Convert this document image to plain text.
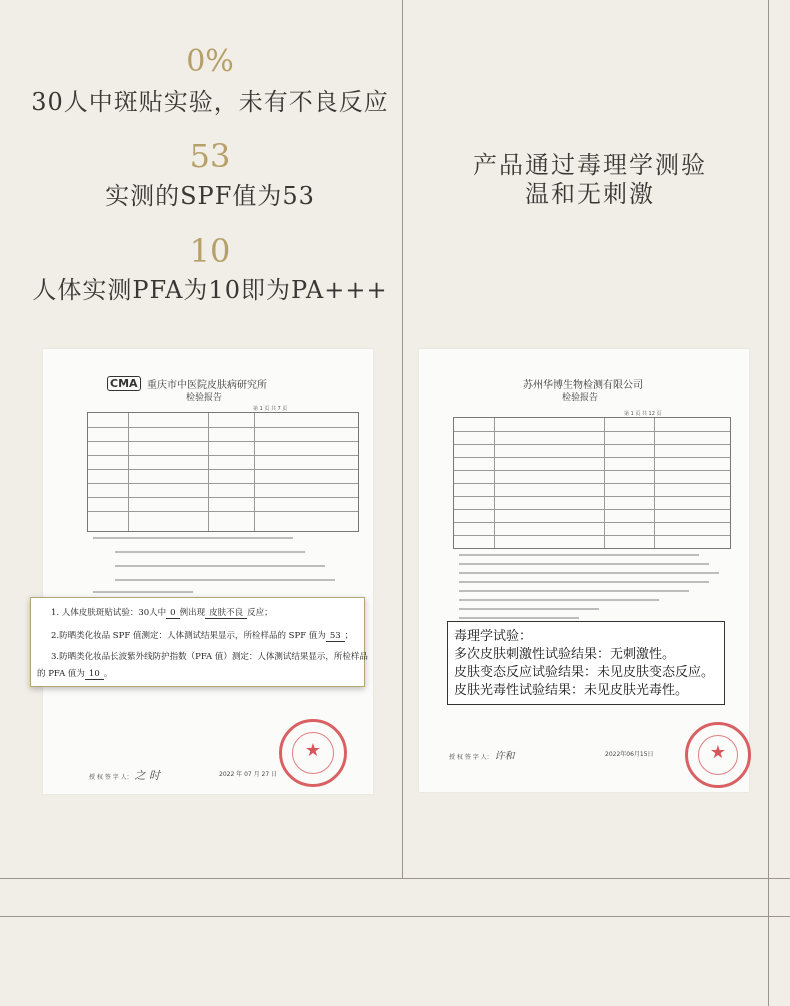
0%
30人中斑贴实验，未有不良反应
53
实测的SPF值为53
10
人体实测PFA为10即为PA+++
产品通过毒理学测验
温和无刺激
CMA 重庆市中医院皮肤病研究所
检验报告
第 1 页 共 7 页
★
授 权 签 字 人： 之 时	2022 年 07 月 27 日
1. 人体皮肤斑贴试验：30人中 0 例出现 皮肤不良 反应；
2.防晒类化妆品 SPF 值测定：人体测试结果显示，所检样品的 SPF 值为 53 ；
3.防晒类化妆品长波紫外线防护指数（PFA 值）测定：人体测试结果显示，所检样品
的 PFA 值为 10 。
苏州华博生物检测有限公司
检验报告
第 1 页 共 12 页
★
授 权 签 字 人： 许和	2022年06月15日
毒理学试验：
多次皮肤刺激性试验结果：无刺激性。
皮肤变态反应试验结果：未见皮肤变态反应。
皮肤光毒性试验结果：未见皮肤光毒性。
